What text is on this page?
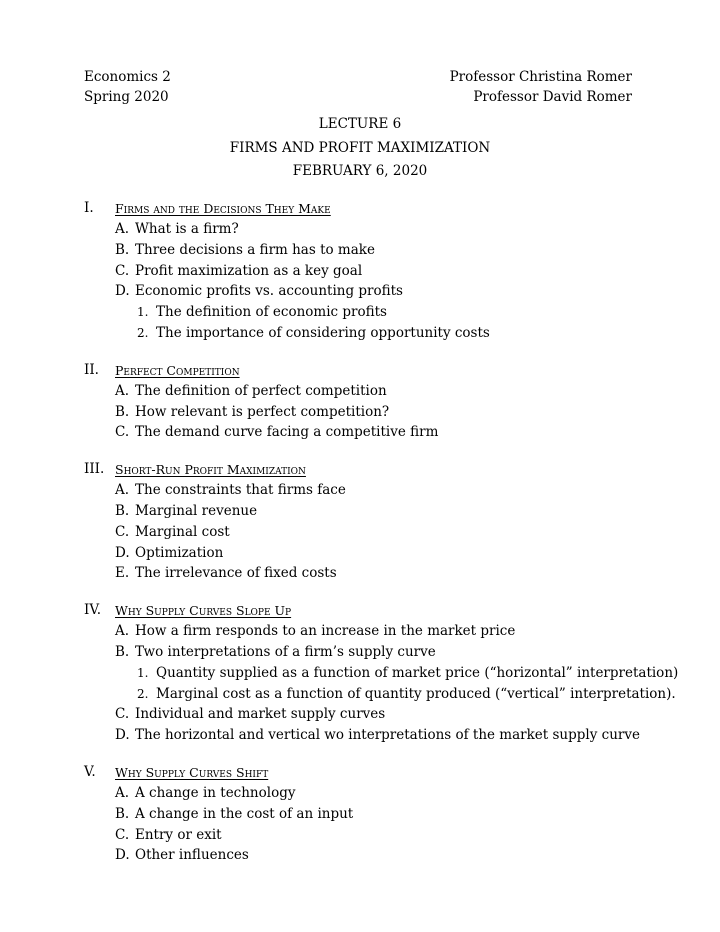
Economics 2
Spring 2020
Professor Christina Romer
Professor David Romer
LECTURE 6
FIRMS AND PROFIT MAXIMIZATION
FEBRUARY 6, 2020
I. Firms and the Decisions They Make
A. What is a firm?
B. Three decisions a firm has to make
C. Profit maximization as a key goal
D. Economic profits vs. accounting profits
1. The definition of economic profits
2. The importance of considering opportunity costs
II. Perfect Competition
A. The definition of perfect competition
B. How relevant is perfect competition?
C. The demand curve facing a competitive firm
III. Short-Run Profit Maximization
A. The constraints that firms face
B. Marginal revenue
C. Marginal cost
D. Optimization
E. The irrelevance of fixed costs
IV. Why Supply Curves Slope Up
A. How a firm responds to an increase in the market price
B. Two interpretations of a firm’s supply curve
1. Quantity supplied as a function of market price (“horizontal” interpretation)
2. Marginal cost as a function of quantity produced (“vertical” interpretation).
C. Individual and market supply curves
D. The horizontal and vertical wo interpretations of the market supply curve
V. Why Supply Curves Shift
A. A change in technology
B. A change in the cost of an input
C. Entry or exit
D. Other influences
